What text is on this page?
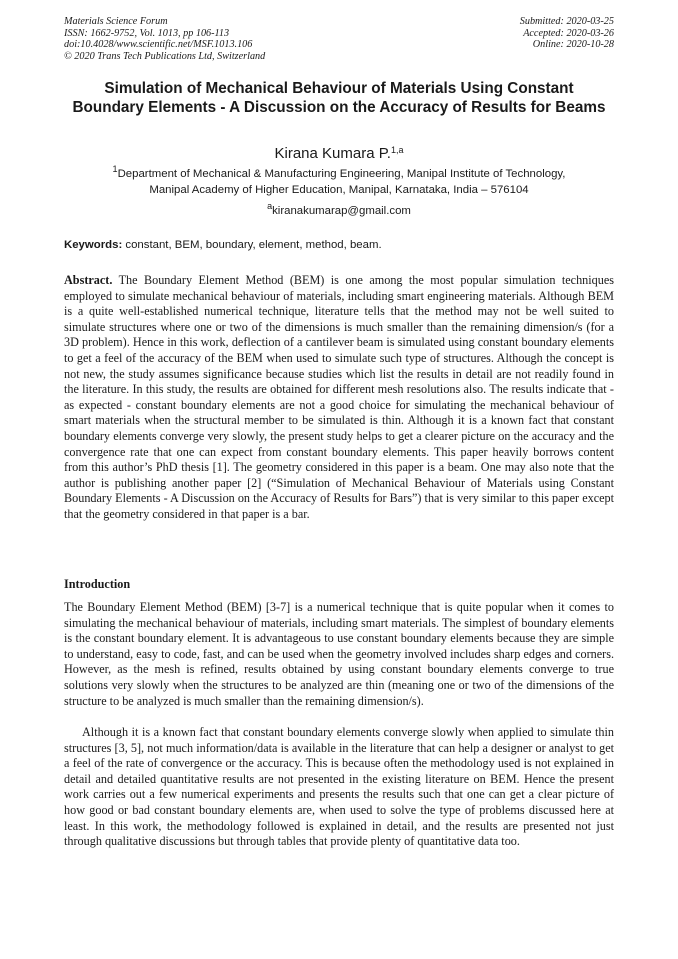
Materials Science Forum
ISSN: 1662-9752, Vol. 1013, pp 106-113
doi:10.4028/www.scientific.net/MSF.1013.106
© 2020 Trans Tech Publications Ltd, Switzerland
Submitted: 2020-03-25
Accepted: 2020-03-26
Online: 2020-10-28
Simulation of Mechanical Behaviour of Materials Using Constant Boundary Elements - A Discussion on the Accuracy of Results for Beams
Kirana Kumara P.$^{1,a}$
$^1$Department of Mechanical & Manufacturing Engineering, Manipal Institute of Technology,
Manipal Academy of Higher Education, Manipal, Karnataka, India – 576104
$^a$kiranakumarap@gmail.com
Keywords: constant, BEM, boundary, element, method, beam.

Abstract. The Boundary Element Method (BEM) is one among the most popular simulation techniques employed to simulate mechanical behaviour of materials, including smart engineering materials. Although BEM is a quite well-established numerical technique, literature tells that the method may not be well suited to simulate structures where one or two of the dimensions is much smaller than the remaining dimension/s (for a 3D problem). Hence in this work, deflection of a cantilever beam is simulated using constant boundary elements to get a feel of the accuracy of the BEM when used to simulate such type of structures. Although the concept is not new, the study assumes significance because studies which list the results in detail are not readily found in the literature. In this study, the results are obtained for different mesh resolutions also. The results indicate that - as expected - constant boundary elements are not a good choice for simulating the mechanical behaviour of smart materials when the structural member to be simulated is thin. Although it is a known fact that constant boundary elements converge very slowly, the present study helps to get a clearer picture on the accuracy and the convergence rate that one can expect from constant boundary elements. This paper heavily borrows content from this author’s PhD thesis [1]. The geometry considered in this paper is a beam. One may also note that the author is publishing another paper [2] (“Simulation of Mechanical Behaviour of Materials using Constant Boundary Elements - A Discussion on the Accuracy of Results for Bars”) that is very similar to this paper except that the geometry considered in that paper is a bar.

Introduction

The Boundary Element Method (BEM) [3-7] is a numerical technique that is quite popular when it comes to simulating the mechanical behaviour of materials, including smart materials. The simplest of boundary elements is the constant boundary element. It is advantageous to use constant boundary elements because they are simple to understand, easy to code, fast, and can be used when the geometry involved includes sharp edges and corners. However, as the mesh is refined, results obtained by using constant boundary elements converge to true solutions very slowly when the structures to be analyzed are thin (meaning one or two of the dimensions of the structure to be analyzed is much smaller than the remaining dimension/s).

Although it is a known fact that constant boundary elements converge slowly when applied to simulate thin structures [3, 5], not much information/data is available in the literature that can help a designer or analyst to get a feel of the rate of convergence or the accuracy. This is because often the methodology used is not explained in detail and detailed quantitative results are not presented in the existing literature on BEM. Hence the present work carries out a few numerical experiments and presents the results such that one can get a clear picture of how good or bad constant boundary elements are, when used to solve the type of problems discussed here at least. In this work, the methodology followed is explained in detail, and the results are presented not just through qualitative discussions but through tables that provide plenty of quantitative data too.
